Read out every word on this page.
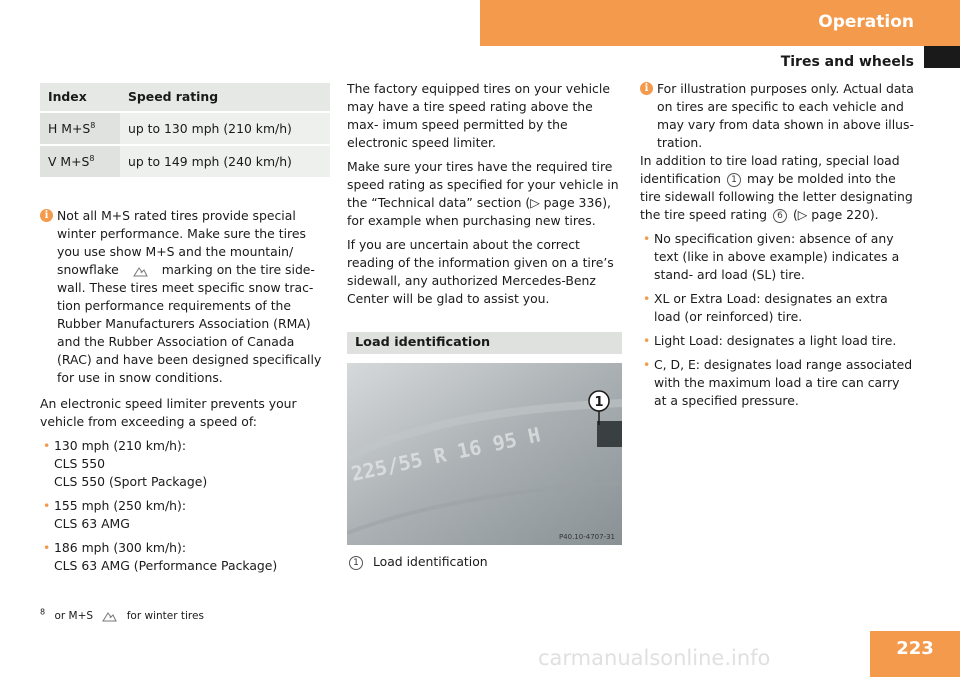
Operation
Tires and wheels
Index	Speed rating
H $M+S^8$	up to 130 mph (210 km/h)
V $M+S^8$	up to 149 mph (240 km/h)

i Not all M+S rated tires provide special winter performance. Make sure the tires you use show M+S and the mountain/ snowflake	* marking on the tire side- wall. These tires meet specific snow trac- tion performance requirements of the Rubber Manufacturers Association (RMA) and the Rubber Association of Canada (RAC) and have been designed specifically for use in snow conditions.

An electronic speed limiter prevents your vehicle from exceeding a speed of:

• 130 mph (210 km/h):
CLS 550
CLS 550 (Sport Package)
• 155 mph (250 km/h):
CLS 63 AMG
• 186 mph (300 km/h):
CLS 63 AMG (Performance Package)
$^8$ or M+S	* for winter tires

The factory equipped tires on your vehicle may have a tire speed rating above the max- imum speed permitted by the electronic speed limiter.

Make sure your tires have the required tire speed rating as specified for your vehicle in the “Technical data” section (▷ page 336), for example when purchasing new tires.

If you are uncertain about the correct reading of the information given on a tire’s sidewall, any authorized Mercedes-Benz Center will be glad to assist you.

Load identification
1
225/55 R 16 95 H
P40.10-4707-31

1 Load identification

i For illustration purposes only. Actual data on tires are specific to each vehicle and may vary from data shown in above illus- tration.

In addition to tire load rating, special load identification 1 may be molded into the tire sidewall following the letter designating the tire speed rating 6 (▷ page 220).

• No specification given: absence of any text (like in above example) indicates a stand- ard load (SL) tire.
• XL or Extra Load: designates an extra load (or reinforced) tire.
• Light Load: designates a light load tire.
• C, D, E: designates load range associated with the maximum load a tire can carry at a specified pressure.
223
carmanualsonline.info
